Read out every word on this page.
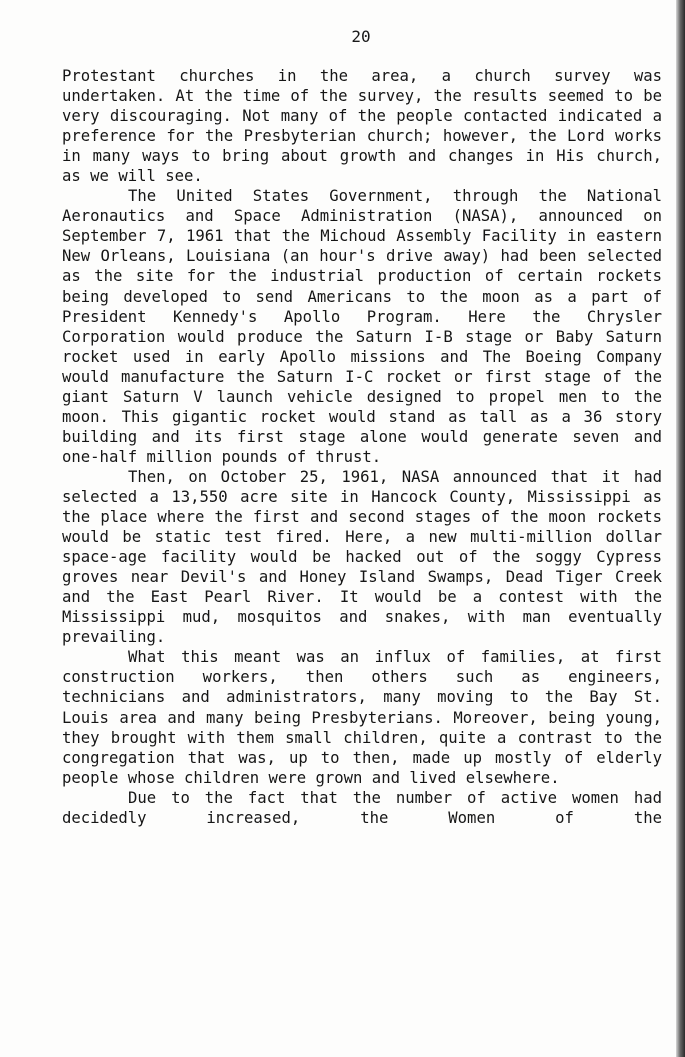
20

Protestant churches in the area, a church survey was undertaken. At the time of the survey, the results seemed to be very discouraging. Not many of the people contacted indicated a preference for the Presbyterian church; however, the Lord works in many ways to bring about growth and changes in His church, as we will see.

The United States Government, through the National Aeronautics and Space Administration (NASA), announced on September 7, 1961 that the Michoud Assembly Facility in eastern New Orleans, Louisiana (an hour's drive away) had been selected as the site for the industrial production of certain rockets being developed to send Americans to the moon as a part of President Kennedy's Apollo Program. Here the Chrysler Corporation would produce the Saturn I-B stage or Baby Saturn rocket used in early Apollo missions and The Boeing Company would manufacture the Saturn I-C rocket or first stage of the giant Saturn V launch vehicle designed to propel men to the moon. This gigantic rocket would stand as tall as a 36 story building and its first stage alone would generate seven and one-half million pounds of thrust.

Then, on October 25, 1961, NASA announced that it had selected a 13,550 acre site in Hancock County, Mississippi as the place where the first and second stages of the moon rockets would be static test fired. Here, a new multi-million dollar space-age facility would be hacked out of the soggy Cypress groves near Devil's and Honey Island Swamps, Dead Tiger Creek and the East Pearl River. It would be a contest with the Mississippi mud, mosquitos and snakes, with man eventually prevailing.

What this meant was an influx of families, at first construction workers, then others such as engineers, technicians and administrators, many moving to the Bay St. Louis area and many being Presbyterians. Moreover, being young, they brought with them small children, quite a contrast to the congregation that was, up to then, made up mostly of elderly people whose children were grown and lived elsewhere.

Due to the fact that the number of active women had decidedly increased, the Women of the
